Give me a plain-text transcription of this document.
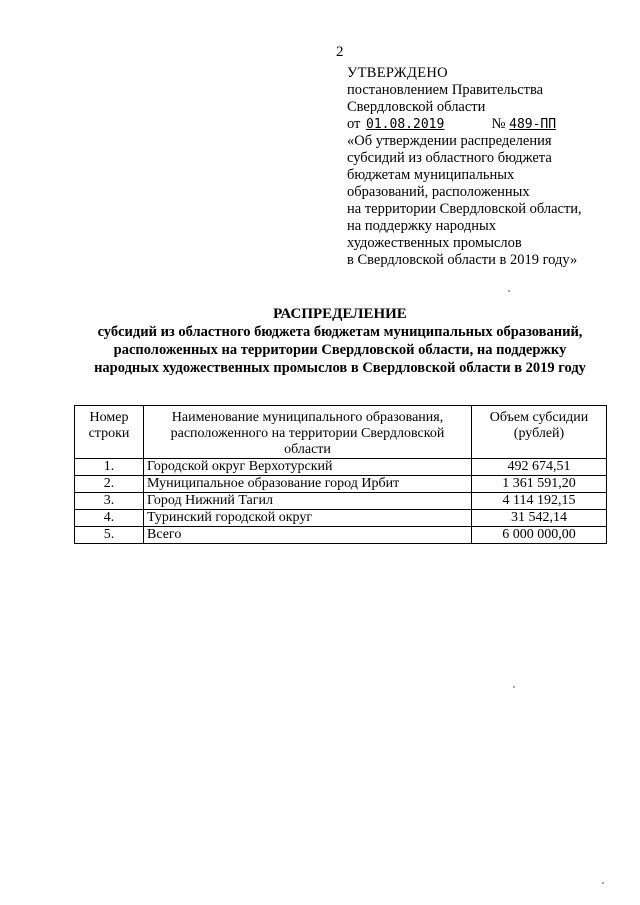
2
УТВЕРЖДЕНО
постановлением Правительства
Свердловской области
от 01.08.2019	№ 489-ПП
«Об утверждении распределения
субсидий из областного бюджета
бюджетам муниципальных
образований, расположенных
на территории Свердловской области,
на поддержку народных
художественных промыслов
в Свердловской области в 2019 году»
РАСПРЕДЕЛЕНИЕ
субсидий из областного бюджета бюджетам муниципальных образований,
расположенных на территории Свердловской области, на поддержку
народных художественных промыслов в Свердловской области в 2019 году
Номер строки	Наименование муниципального образования, расположенного на территории Свердловской области	Объем субсидии (рублей)
1.	Городской округ Верхотурский	492 674,51
2.	Муниципальное образование город Ирбит	1 361 591,20
3.	Город Нижний Тагил	4 114 192,15
4.	Туринский городской округ	31 542,14
5.	Всего	6 000 000,00
